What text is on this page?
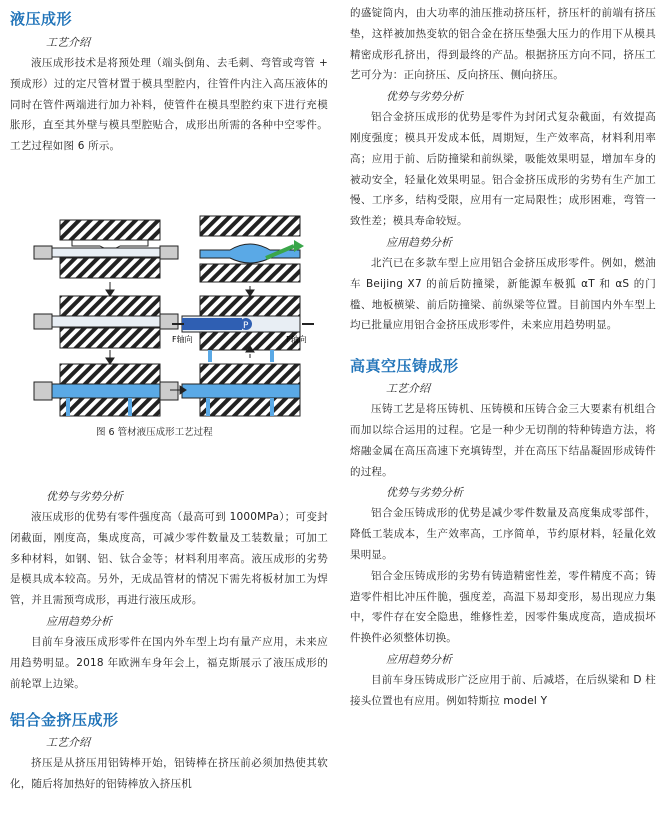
液压成形
工艺介绍

液压成形技术是将预处理（端头倒角、去毛刺、弯管或弯管 + 预成形）过的定尺管材置于模具型腔内，往管件内注入高压液体的同时在管件两端进行加力补料，使管件在模具型腔约束下进行充模胀形，直至其外壁与模具型腔贴合，成形出所需的各种中空零件。工艺过程如图 6 所示。

P
F轴向	F轴向
图 6 管材液压成形工艺过程
优势与劣势分析

液压成形的优势有零件强度高（最高可到 1000MPa）；可变封闭截面，刚度高，集成度高，可减少零件数量及工装数量；可加工多种材料，如钢、铝、钛合金等；材料利用率高。液压成形的劣势是模具成本较高。另外，无成品管材的情况下需先将板材加工为焊管，并且需预弯成形，再进行液压成形。

应用趋势分析

目前车身液压成形零件在国内外车型上均有量产应用，未来应用趋势明显。2018 年欧洲车身年会上，福克斯展示了液压成形的前轮罩上边梁。

铝合金挤压成形
工艺介绍

挤压是从挤压用铝铸棒开始，铝铸棒在挤压前必须加热使其软化，随后将加热好的铝铸棒放入挤压机

的盛锭筒内，由大功率的油压推动挤压杆，挤压杆的前端有挤压垫，这样被加热变软的铝合金在挤压垫强大压力的作用下从模具精密成形孔挤出，得到最终的产品。根据挤压方向不同，挤压工艺可分为：正向挤压、反向挤压、侧向挤压。

优势与劣势分析

铝合金挤压成形的优势是零件为封闭式复杂截面，有效提高刚度强度；模具开发成本低，周期短，生产效率高，材料利用率高；应用于前、后防撞梁和前纵梁，吸能效果明显，增加车身的被动安全，轻量化效果明显。铝合金挤压成形的劣势有生产加工慢、工序多，结构受限，应用有一定局限性；成形困难，弯管一致性差；模具寿命较短。

应用趋势分析

北汽已在多款车型上应用铝合金挤压成形零件。例如，燃油车 Beijing X7 的前后防撞梁，新能源车极狐 αT 和 αS 的门槛、地板横梁、前后防撞梁、前纵梁等位置。目前国内外车型上均已批量应用铝合金挤压成形零件，未来应用趋势明显。

高真空压铸成形
工艺介绍

压铸工艺是将压铸机、压铸模和压铸合金三大要素有机组合而加以综合运用的过程。它是一种少无切削的特种铸造方法，将熔融金属在高压高速下充填铸型，并在高压下结晶凝固形成铸件的过程。

优势与劣势分析

铝合金压铸成形的优势是减少零件数量及高度集成零部件，降低工装成本，生产效率高，工序简单，节约原材料，轻量化效果明显。

铝合金压铸成形的劣势有铸造精密性差，零件精度不高；铸造零件相比冲压件脆，强度差，高温下易却变形，易出现应力集中，零件存在安全隐患，维修性差，因零件集成度高，造成损坏件换件必须整体切换。

应用趋势分析

目前车身压铸成形广泛应用于前、后减塔，在后纵梁和 D 柱接头位置也有应用。例如特斯拉 model Y
